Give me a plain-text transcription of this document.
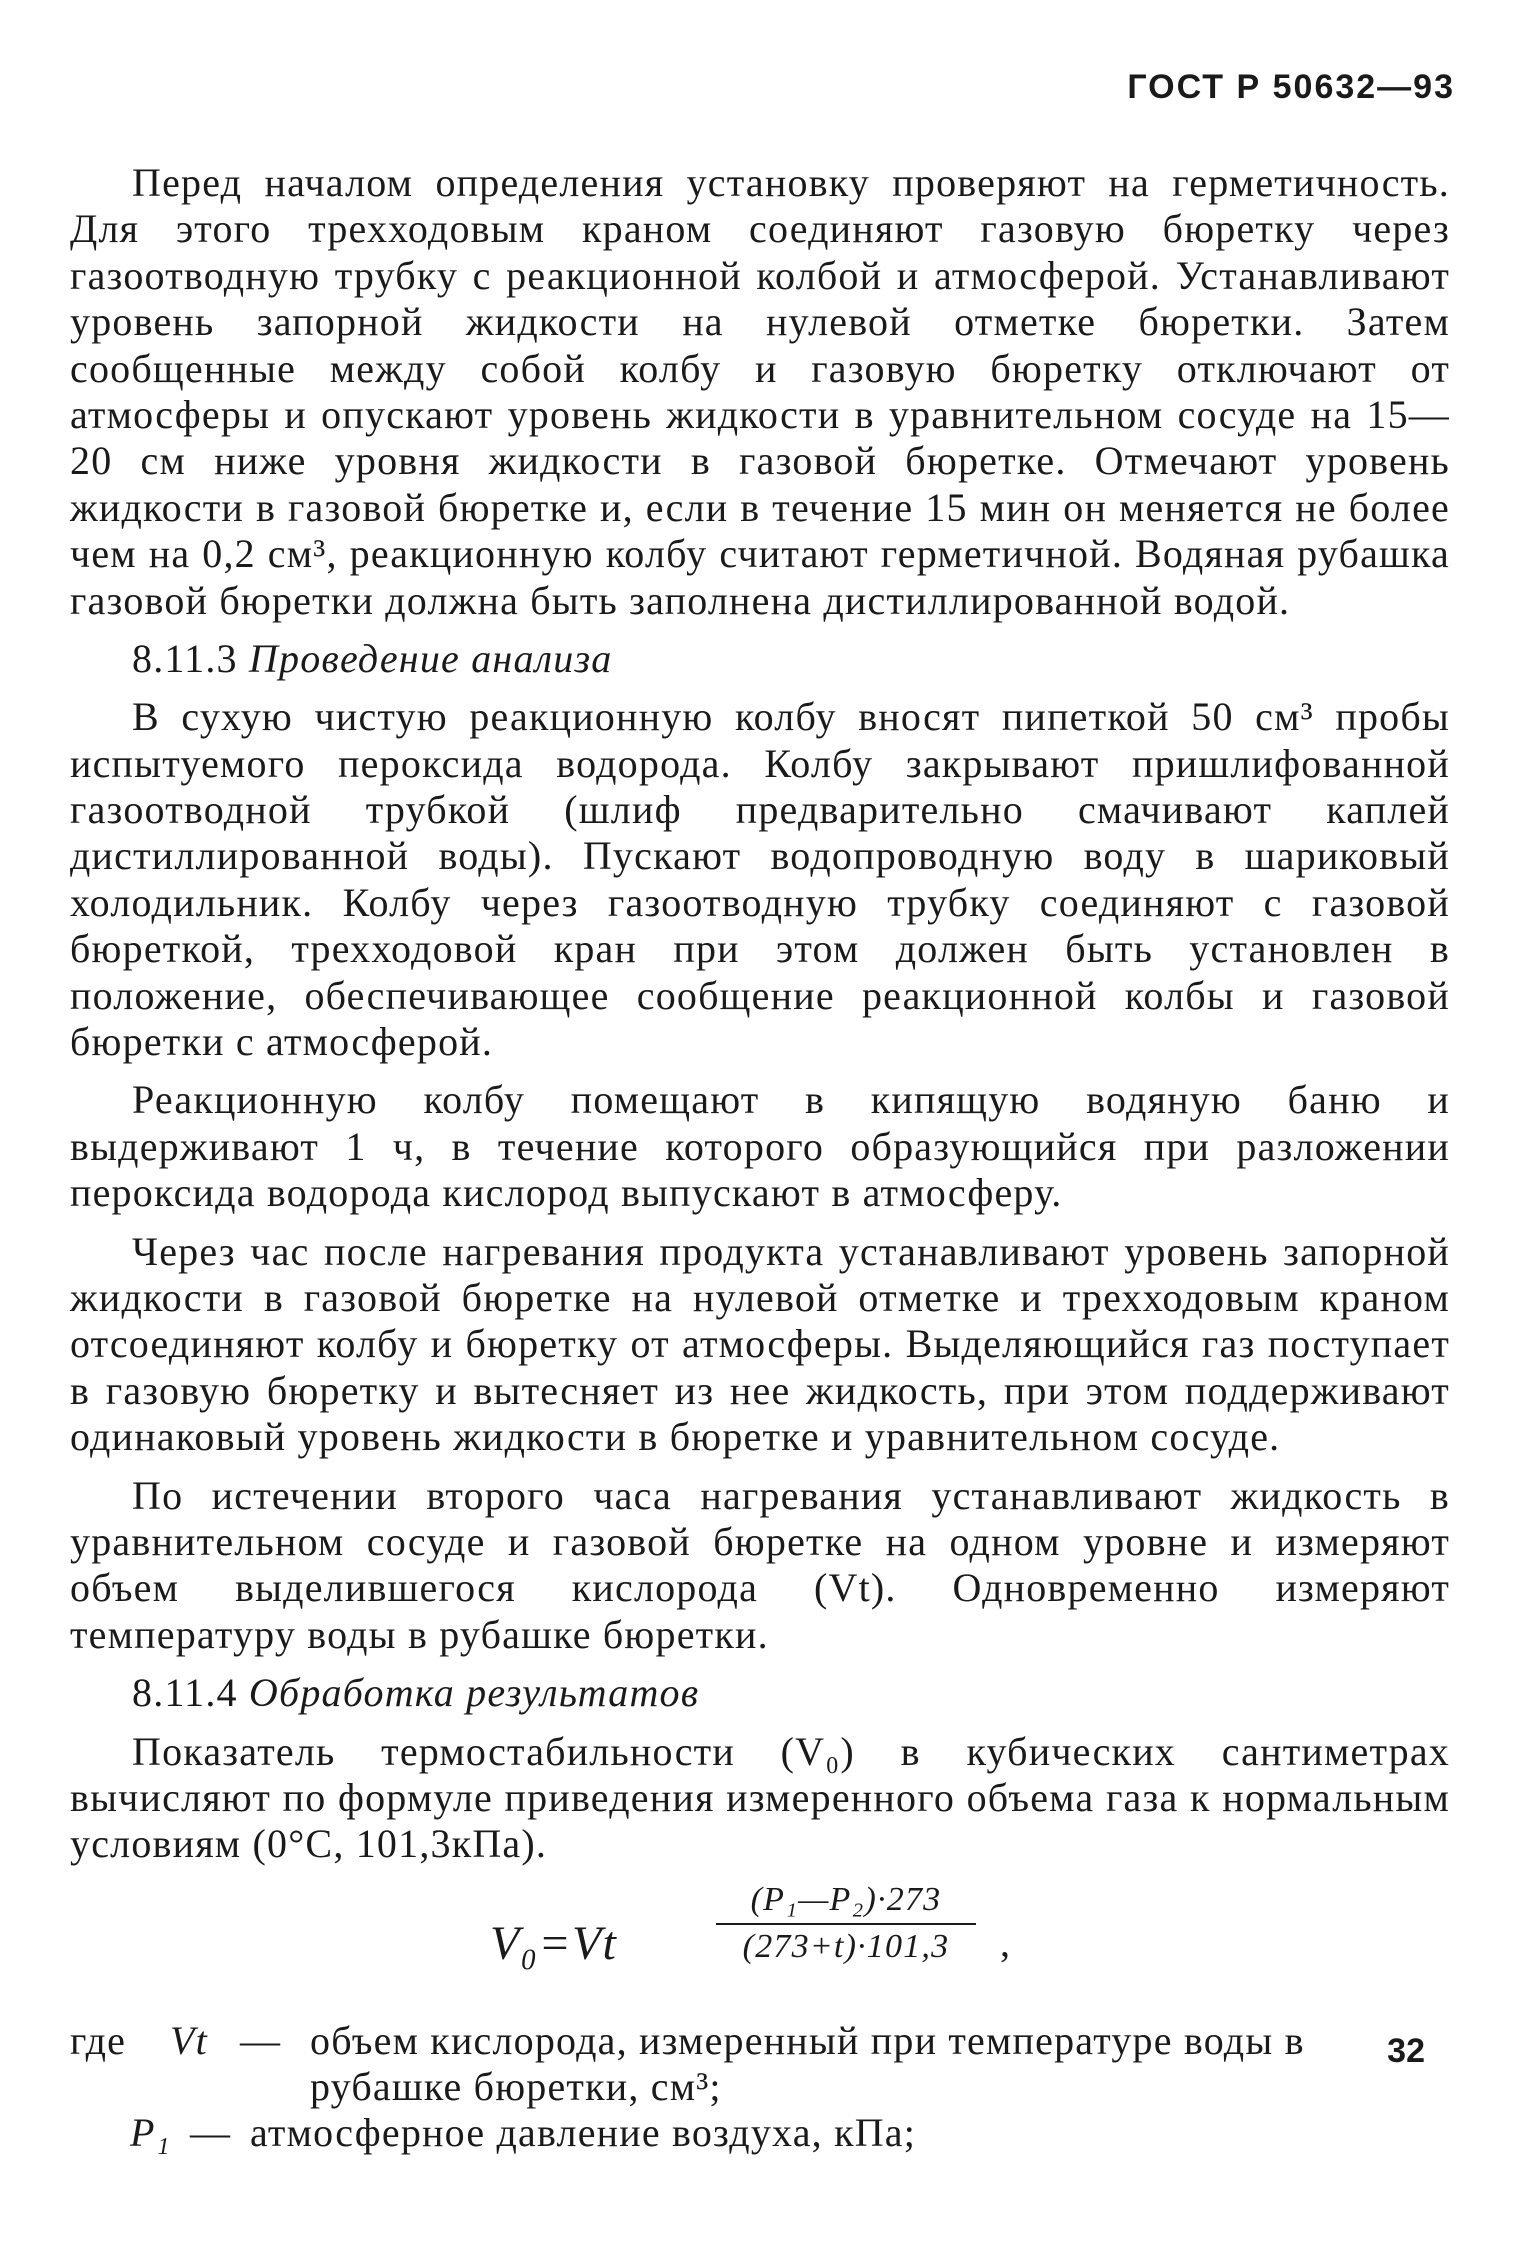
ГОСТ Р 50632—93

Перед началом определения установку проверяют на герметичность. Для этого трехходовым краном соединяют газовую бюретку через газоотводную трубку с реакционной колбой и атмосферой. Устанавливают уровень запорной жидкости на нулевой отметке бюретки. Затем сообщенные между собой колбу и газовую бюретку отключают от атмосферы и опускают уровень жидкости в уравнительном сосуде на 15—20 см ниже уровня жидкости в газовой бюретке. Отмечают уровень жидкости в газовой бюретке и, если в течение 15 мин он меняется не более чем на 0,2 см³, реакционную колбу считают герметичной. Водяная рубашка газовой бюретки должна быть заполнена дистиллированной водой.

8.11.3 Проведение анализа

В сухую чистую реакционную колбу вносят пипеткой 50 см³ пробы испытуемого пероксида водорода. Колбу закрывают пришлифованной газоотводной трубкой (шлиф предварительно смачивают каплей дистиллированной воды). Пускают водопроводную воду в шариковый холодильник. Колбу через газоотводную трубку соединяют с газовой бюреткой, трехходовой кран при этом должен быть установлен в положение, обеспечивающее сообщение реакционной колбы и газовой бюретки с атмосферой.

Реакционную колбу помещают в кипящую водяную баню и выдерживают 1 ч, в течение которого образующийся при разложении пероксида водорода кислород выпускают в атмосферу.

Через час после нагревания продукта устанавливают уровень запорной жидкости в газовой бюретке на нулевой отметке и трехходовым краном отсоединяют колбу и бюретку от атмосферы. Выделяющийся газ поступает в газовую бюретку и вытесняет из нее жидкость, при этом поддерживают одинаковый уровень жидкости в бюретке и уравнительном сосуде.

По истечении второго часа нагревания устанавливают жидкость в уравнительном сосуде и газовой бюретке на одном уровне и измеряют объем выделившегося кислорода (Vt). Одновременно измеряют температуру воды в рубашке бюретки.

8.11.4 Обработка результатов

Показатель термостабильности (V₀) в кубических сантиметрах вычисляют по формуле приведения измеренного объема газа к нормальным условиям (0°C, 101,3кПа).

V₀=Vt	$\frac{\text{(P₁—P₂)·273}}{(273+t)\cdot 101,3}$ ,
где Vt — объем кислорода, измеренный при температуре воды в рубашке бюретки, см³;
P₁ — атмосферное давление воздуха, кПа;
32
